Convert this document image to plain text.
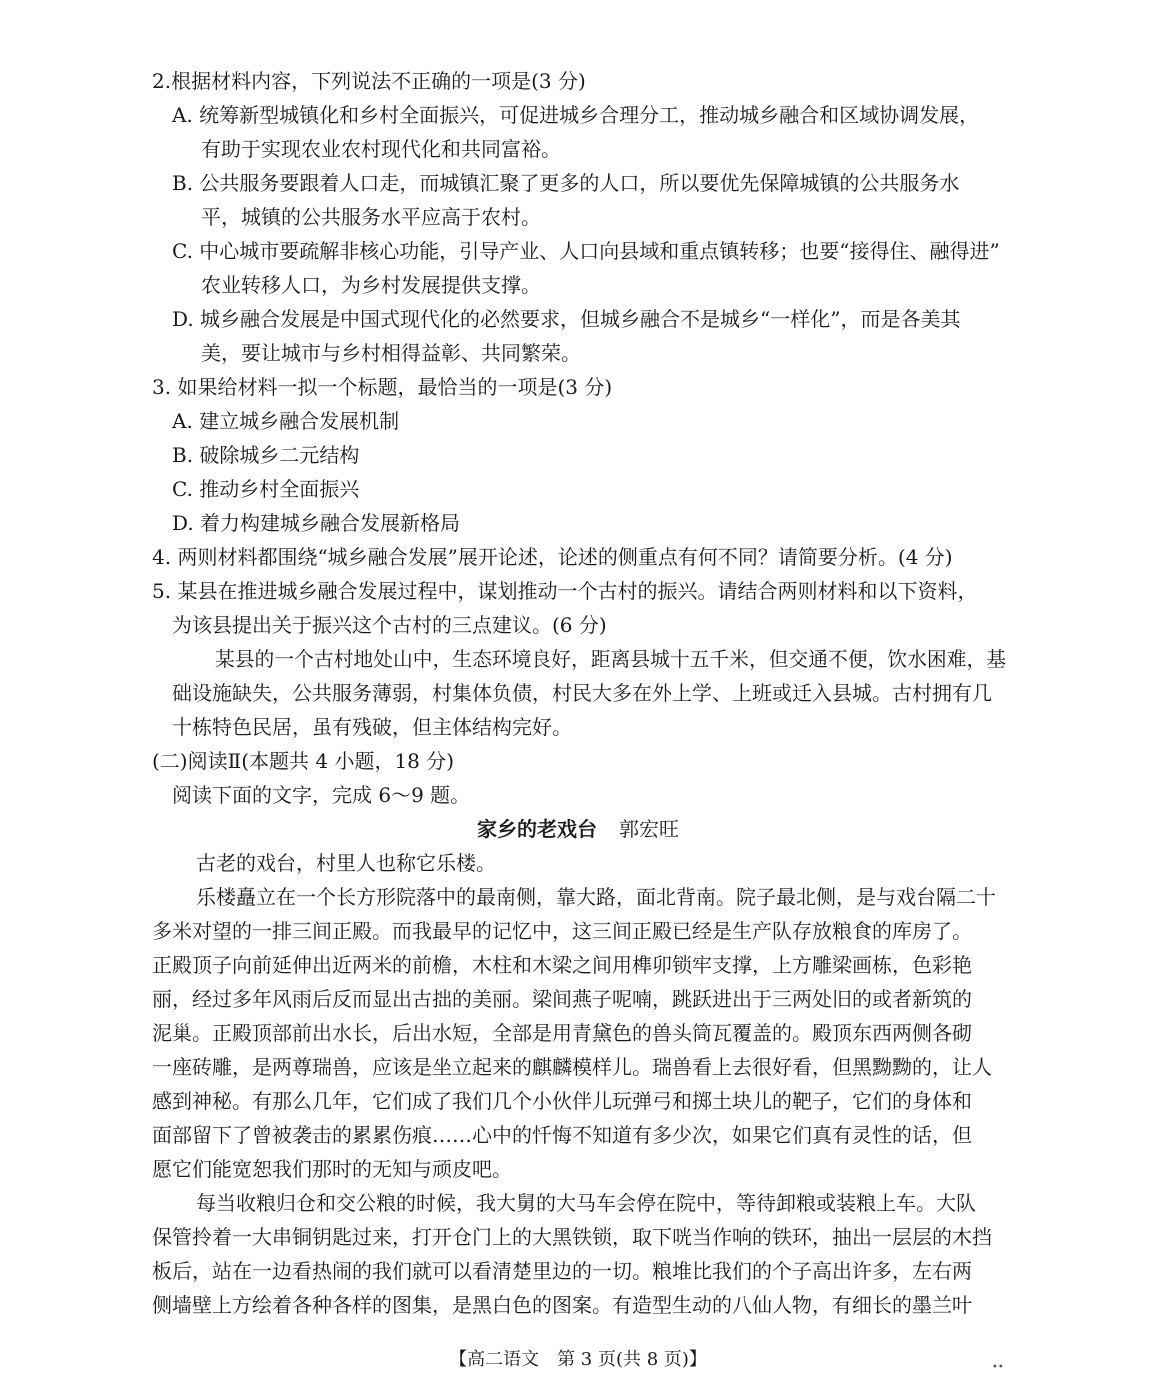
2.根据材料内容，下列说法不正确的一项是(3 分)
A. 统筹新型城镇化和乡村全面振兴，可促进城乡合理分工，推动城乡融合和区域协调发展，
有助于实现农业农村现代化和共同富裕。
B. 公共服务要跟着人口走，而城镇汇聚了更多的人口，所以要优先保障城镇的公共服务水
平，城镇的公共服务水平应高于农村。
C. 中心城市要疏解非核心功能，引导产业、人口向县域和重点镇转移；也要“接得住、融得进”
农业转移人口，为乡村发展提供支撑。
D. 城乡融合发展是中国式现代化的必然要求，但城乡融合不是城乡“一样化”，而是各美其
美，要让城市与乡村相得益彰、共同繁荣。
3. 如果给材料一拟一个标题，最恰当的一项是(3 分)
A. 建立城乡融合发展机制
B. 破除城乡二元结构
C. 推动乡村全面振兴
D. 着力构建城乡融合发展新格局
4. 两则材料都围绕“城乡融合发展”展开论述，论述的侧重点有何不同？请简要分析。(4 分)
5. 某县在推进城乡融合发展过程中，谋划推动一个古村的振兴。请结合两则材料和以下资料，
为该县提出关于振兴这个古村的三点建议。(6 分)
某县的一个古村地处山中，生态环境良好，距离县城十五千米，但交通不便，饮水困难，基
础设施缺失，公共服务薄弱，村集体负债，村民大多在外上学、上班或迁入县城。古村拥有几
十栋特色民居，虽有残破，但主体结构完好。
(二)阅读Ⅱ(本题共 4 小题，18 分)
阅读下面的文字，完成 6～9 题。
家乡的老戏台 郭宏旺
古老的戏台，村里人也称它乐楼。
乐楼矗立在一个长方形院落中的最南侧，靠大路，面北背南。院子最北侧，是与戏台隔二十
多米对望的一排三间正殿。而我最早的记忆中，这三间正殿已经是生产队存放粮食的库房了。
正殿顶子向前延伸出近两米的前檐，木柱和木梁之间用榫卯锁牢支撑，上方雕梁画栋，色彩艳
丽，经过多年风雨后反而显出古拙的美丽。梁间燕子呢喃，跳跃进出于三两处旧的或者新筑的
泥巢。正殿顶部前出水长，后出水短，全部是用青黛色的兽头筒瓦覆盖的。殿顶东西两侧各砌
一座砖雕，是两尊瑞兽，应该是坐立起来的麒麟模样儿。瑞兽看上去很好看，但黑黝黝的，让人
感到神秘。有那么几年，它们成了我们几个小伙伴儿玩弹弓和掷土块儿的靶子，它们的身体和
面部留下了曾被袭击的累累伤痕……心中的忏悔不知道有多少次，如果它们真有灵性的话，但
愿它们能宽恕我们那时的无知与顽皮吧。
每当收粮归仓和交公粮的时候，我大舅的大马车会停在院中，等待卸粮或装粮上车。大队
保管拎着一大串铜钥匙过来，打开仓门上的大黑铁锁，取下咣当作响的铁环，抽出一层层的木挡
板后，站在一边看热闹的我们就可以看清楚里边的一切。粮堆比我们的个子高出许多，左右两
侧墙壁上方绘着各种各样的图集，是黑白色的图案。有造型生动的八仙人物，有细长的墨兰叶
【高二语文　第 3 页(共 8 页)】	••
